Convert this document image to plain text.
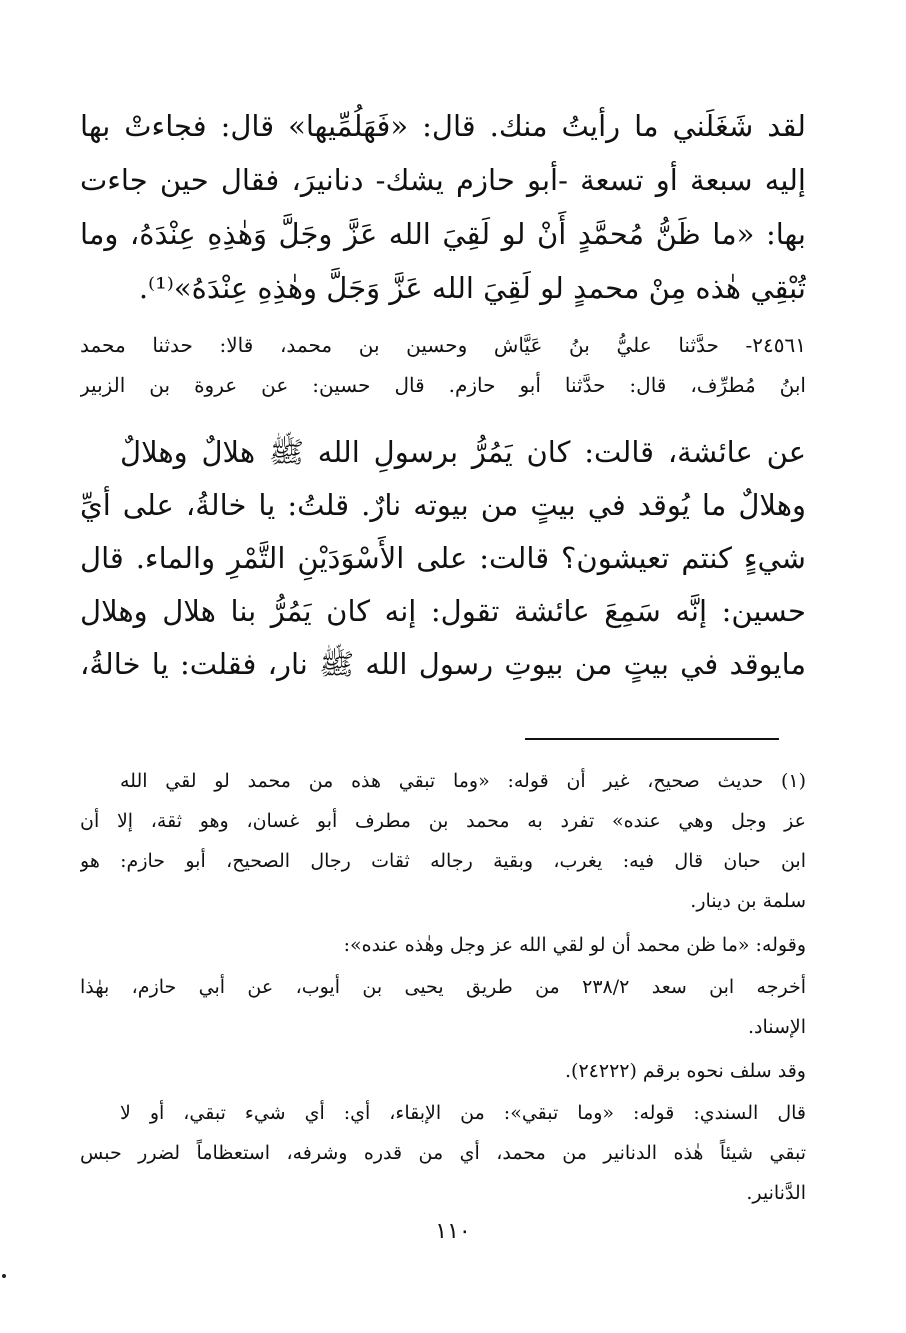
لقد شَغَلَني ما رأيتُ منك. قال: «فَهَلُمِّيها» قال: فجاءتْ بها
إليه سبعة أو تسعة -أبو حازم يشك- دنانيرَ، فقال حين جاءت
بها: «ما ظَنُّ مُحمَّدٍ أَنْ لو لَقِيَ الله عَزَّ وجَلَّ وَهٰذِهِ عِنْدَهُ، وما
تُبْقِي هٰذه مِنْ محمدٍ لو لَقِيَ الله عَزَّ وَجَلَّ وهٰذِهِ عِنْدَهُ»⁽¹⁾.
٢٤٥٦١- حدَّثنا عليُّ بنُ عَيَّاش وحسين بن محمد، قالا: حدثنا محمد
ابنُ مُطرِّف، قال: حدَّثنا أبو حازم. قال حسين: عن عروة بن الزبير
عن عائشة، قالت: كان يَمُرُّ برسولِ الله ﷺ هلالٌ وهلالٌ
وهلالٌ ما يُوقد في بيتٍ من بيوته نارٌ. قلتُ: يا خالةُ، على أيِّ
شيءٍ كنتم تعيشون؟ قالت: على الأَسْوَدَيْنِ التَّمْرِ والماء. قال
حسين: إنَّه سَمِعَ عائشة تقول: إنه كان يَمُرُّ بنا هلال وهلال
مايوقد في بيتٍ من بيوتِ رسول الله ﷺ نار، فقلت: يا خالةُ،
(١) حديث صحيح، غير أن قوله: «وما تبقي هذه من محمد لو لقي الله
عز وجل وهي عنده» تفرد به محمد بن مطرف أبو غسان، وهو ثقة، إلا أن
ابن حبان قال فيه: يغرب، وبقية رجاله ثقات رجال الصحيح، أبو حازم: هو
سلمة بن دينار.
وقوله: «ما ظن محمد أن لو لقي الله عز وجل وهٰذه عنده»:
أخرجه ابن سعد ٢٣٨/٢ من طريق يحيى بن أيوب، عن أبي حازم، بهٰذا
الإسناد.
وقد سلف نحوه برقم (٢٤٢٢٢).
قال السندي: قوله: «وما تبقي»: من الإبقاء، أي: أي شيء تبقي، أو لا
تبقي شيئاً هٰذه الدنانير من محمد، أي من قدره وشرفه، استعظاماً لضرر حبس
الدَّنانير.
١١٠
